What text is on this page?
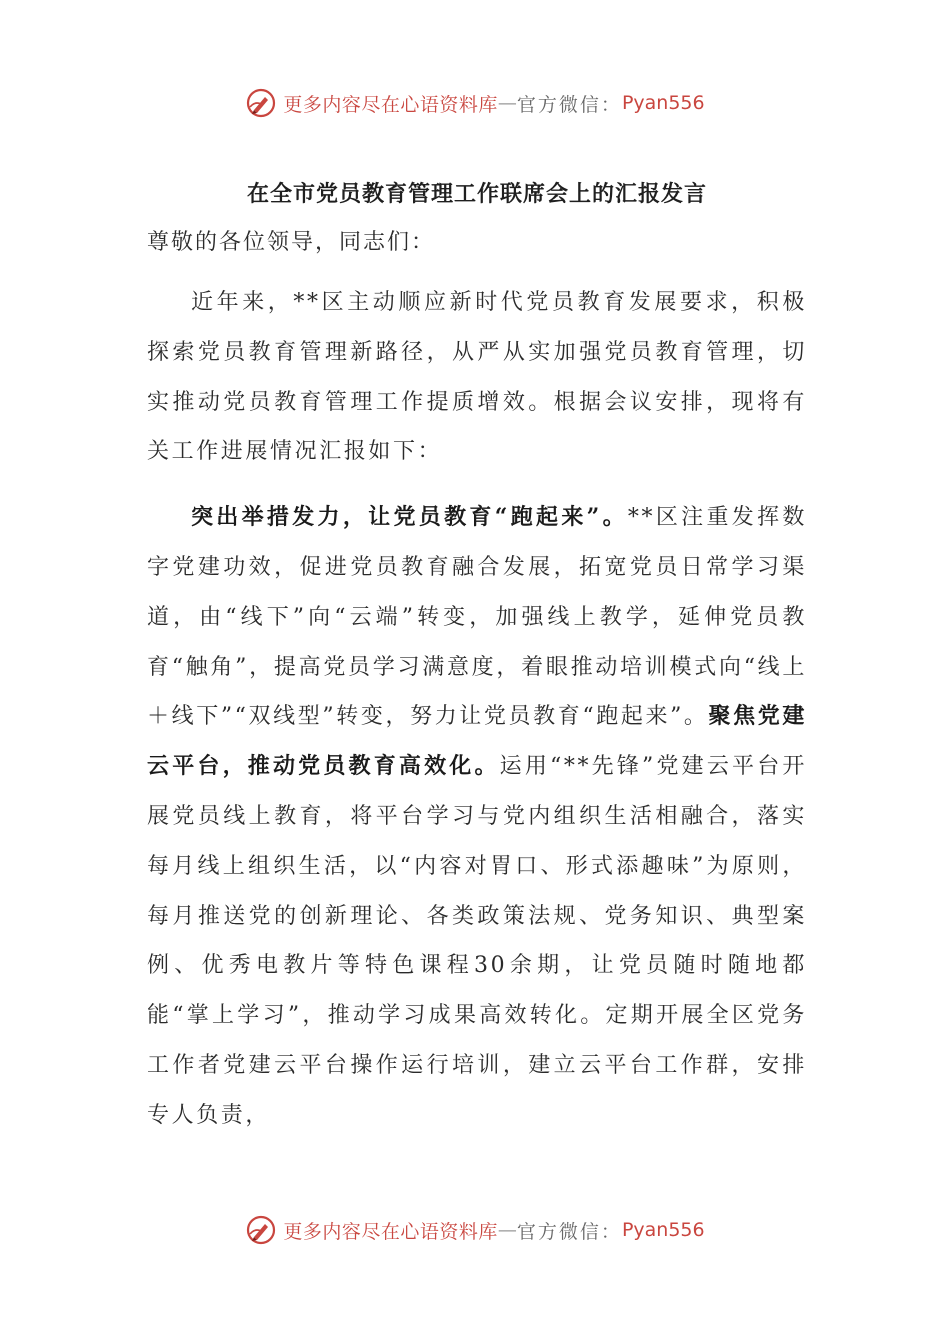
更多内容尽在心语资料库 — 官方微信： Pyan556
在全市党员教育管理工作联席会上的汇报发言
尊敬的各位领导，同志们：

近年来，**区主动顺应新时代党员教育发展要求，积极探索党员教育管理新路径，从严从实加强党员教育管理，切实推动党员教育管理工作提质增效。根据会议安排，现将有关工作进展情况汇报如下：

突出举措发力，让党员教育“跑起来”。**区注重发挥数字党建功效，促进党员教育融合发展，拓宽党员日常学习渠道，由“线下”向“云端”转变，加强线上教学，延伸党员教育“触角”，提高党员学习满意度，着眼推动培训模式向“线上＋线下”“双线型”转变，努力让党员教育“跑起来”。聚焦党建云平台，推动党员教育高效化。运用“**先锋”党建云平台开展党员线上教育，将平台学习与党内组织生活相融合，落实每月线上组织生活，以“内容对胃口、形式添趣味”为原则，每月推送党的创新理论、各类政策法规、党务知识、典型案例、优秀电教片等特色课程30余期，让党员随时随地都能“掌上学习”，推动学习成果高效转化。定期开展全区党务工作者党建云平台操作运行培训，建立云平台工作群，安排专人负责，

更多内容尽在心语资料库 — 官方微信： Pyan556
